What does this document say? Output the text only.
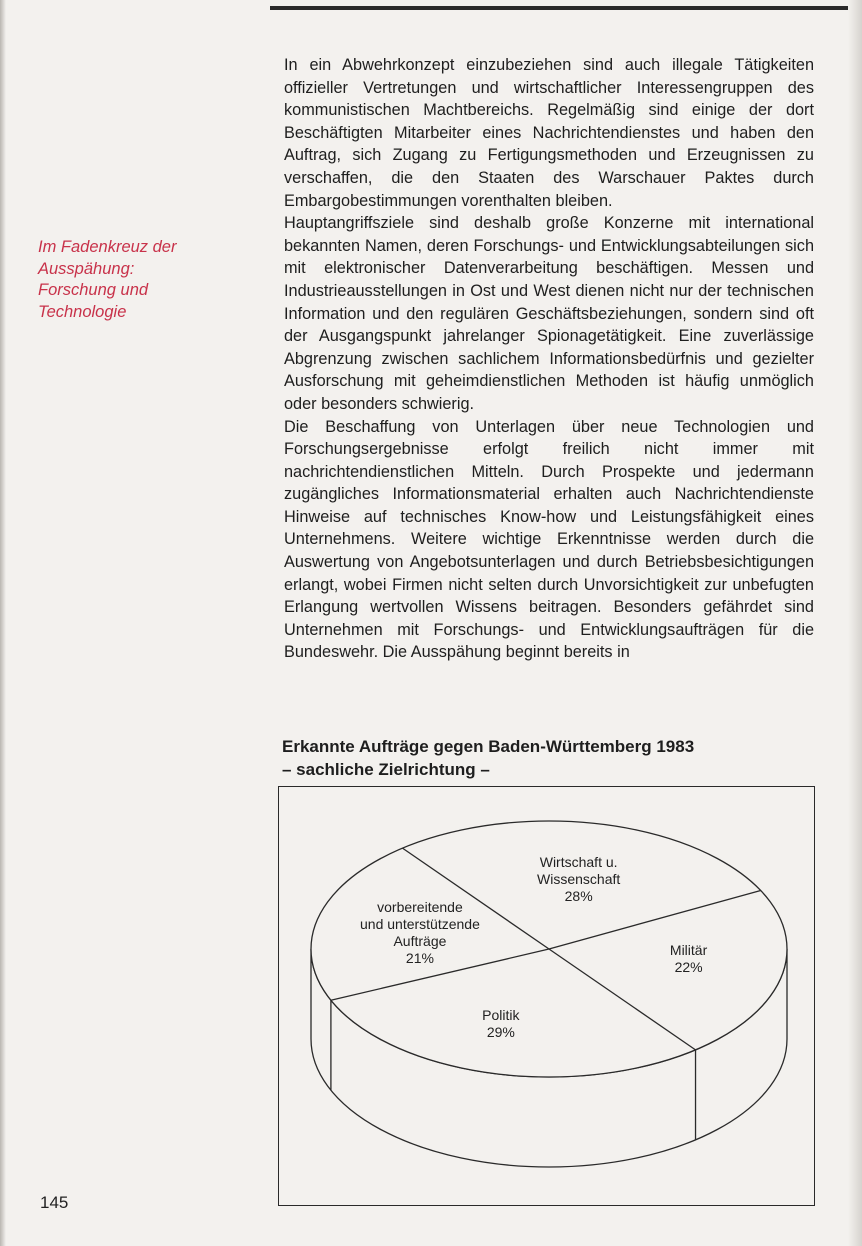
Im Fadenkreuz der
Ausspähung:
Forschung und
Technologie

In ein Abwehrkonzept einzubeziehen sind auch illegale Tätigkeiten offizieller Vertretungen und wirtschaftlicher Interessengruppen des kommunistischen Machtbereichs. Regelmäßig sind einige der dort Beschäftigten Mitarbeiter eines Nachrichtendienstes und haben den Auftrag, sich Zugang zu Fertigungsmethoden und Erzeugnissen zu verschaffen, die den Staaten des Warschauer Paktes durch Embargobestimmungen vorenthalten bleiben.

Hauptangriffsziele sind deshalb große Konzerne mit international bekannten Namen, deren Forschungs- und Entwicklungsabteilungen sich mit elektronischer Datenverarbeitung beschäftigen. Messen und Industrieausstellungen in Ost und West dienen nicht nur der technischen Information und den regulären Geschäftsbeziehungen, sondern sind oft der Ausgangspunkt jahrelanger Spionagetätigkeit. Eine zuverlässige Abgrenzung zwischen sachlichem Informationsbedürfnis und gezielter Ausforschung mit geheimdienstlichen Methoden ist häufig unmöglich oder besonders schwierig.

Die Beschaffung von Unterlagen über neue Technologien und Forschungsergebnisse erfolgt freilich nicht immer mit nachrichtendienstlichen Mitteln. Durch Prospekte und jedermann zugängliches Informationsmaterial erhalten auch Nachrichtendienste Hinweise auf technisches Know-how und Leistungsfähigkeit eines Unternehmens. Weitere wichtige Erkenntnisse werden durch die Auswertung von Angebotsunterlagen und durch Betriebsbesichtigungen erlangt, wobei Firmen nicht selten durch Unvorsichtigkeit zur unbefugten Erlangung wertvollen Wissens beitragen. Besonders gefährdet sind Unternehmen mit Forschungs- und Entwicklungsaufträgen für die Bundeswehr. Die Ausspähung beginnt bereits in

Erkannte Aufträge gegen Baden-Württemberg 1983
– sachliche Zielrichtung –
Wirtschaft u.
Wissenschaft
28%
Militär
22%
Politik
29%
vorbereitende
und unterstützende
Aufträge
21%
145
